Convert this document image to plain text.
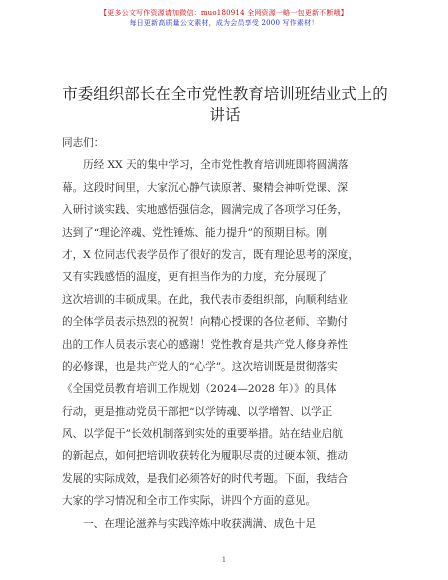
【更多公文写作资源请加微信：muo180914 全网资源一略一包更新不断哦】
每日更新高质量公文素材，成为会员享受 2000 写作素材！
市委组织部长在全市党性教育培训班结业式上的讲话
同志们：
历经 XX 天的集中学习，全市党性教育培训班即将圆满落
幕。这段时间里，大家沉心静气读原著、聚精会神听党课、深
入研讨谈实践、实地感悟强信念，圆满完成了各项学习任务，
达到了“理论淬魂、党性锤炼、能力提升”的预期目标。刚
才，X 位同志代表学员作了很好的发言，既有理论思考的深度，
又有实践感悟的温度，更有担当作为的力度，充分展现了
这次培训的丰硕成果。在此，我代表市委组织部，向顺利结业
的全体学员表示热烈的祝贺！向精心授课的各位老师、辛勤付
出的工作人员表示衷心的感谢！党性教育是共产党人修身养性
的必修课，也是共产党人的“心学”。这次培训既是贯彻落实
《全国党员教育培训工作规划（2024—2028 年）》的具体
行动，更是推动党员干部把“以学铸魂、以学增智、以学正
风、以学促干”长效机制落到实处的重要举措。站在结业启航
的新起点，如何把培训收获转化为履职尽责的过硬本领、推动
发展的实际成效，是我们必须答好的时代考题。下面，我结合
大家的学习情况和全市工作实际，讲四个方面的意见。
一、在理论滋养与实践淬炼中收获满满、成色十足
1
